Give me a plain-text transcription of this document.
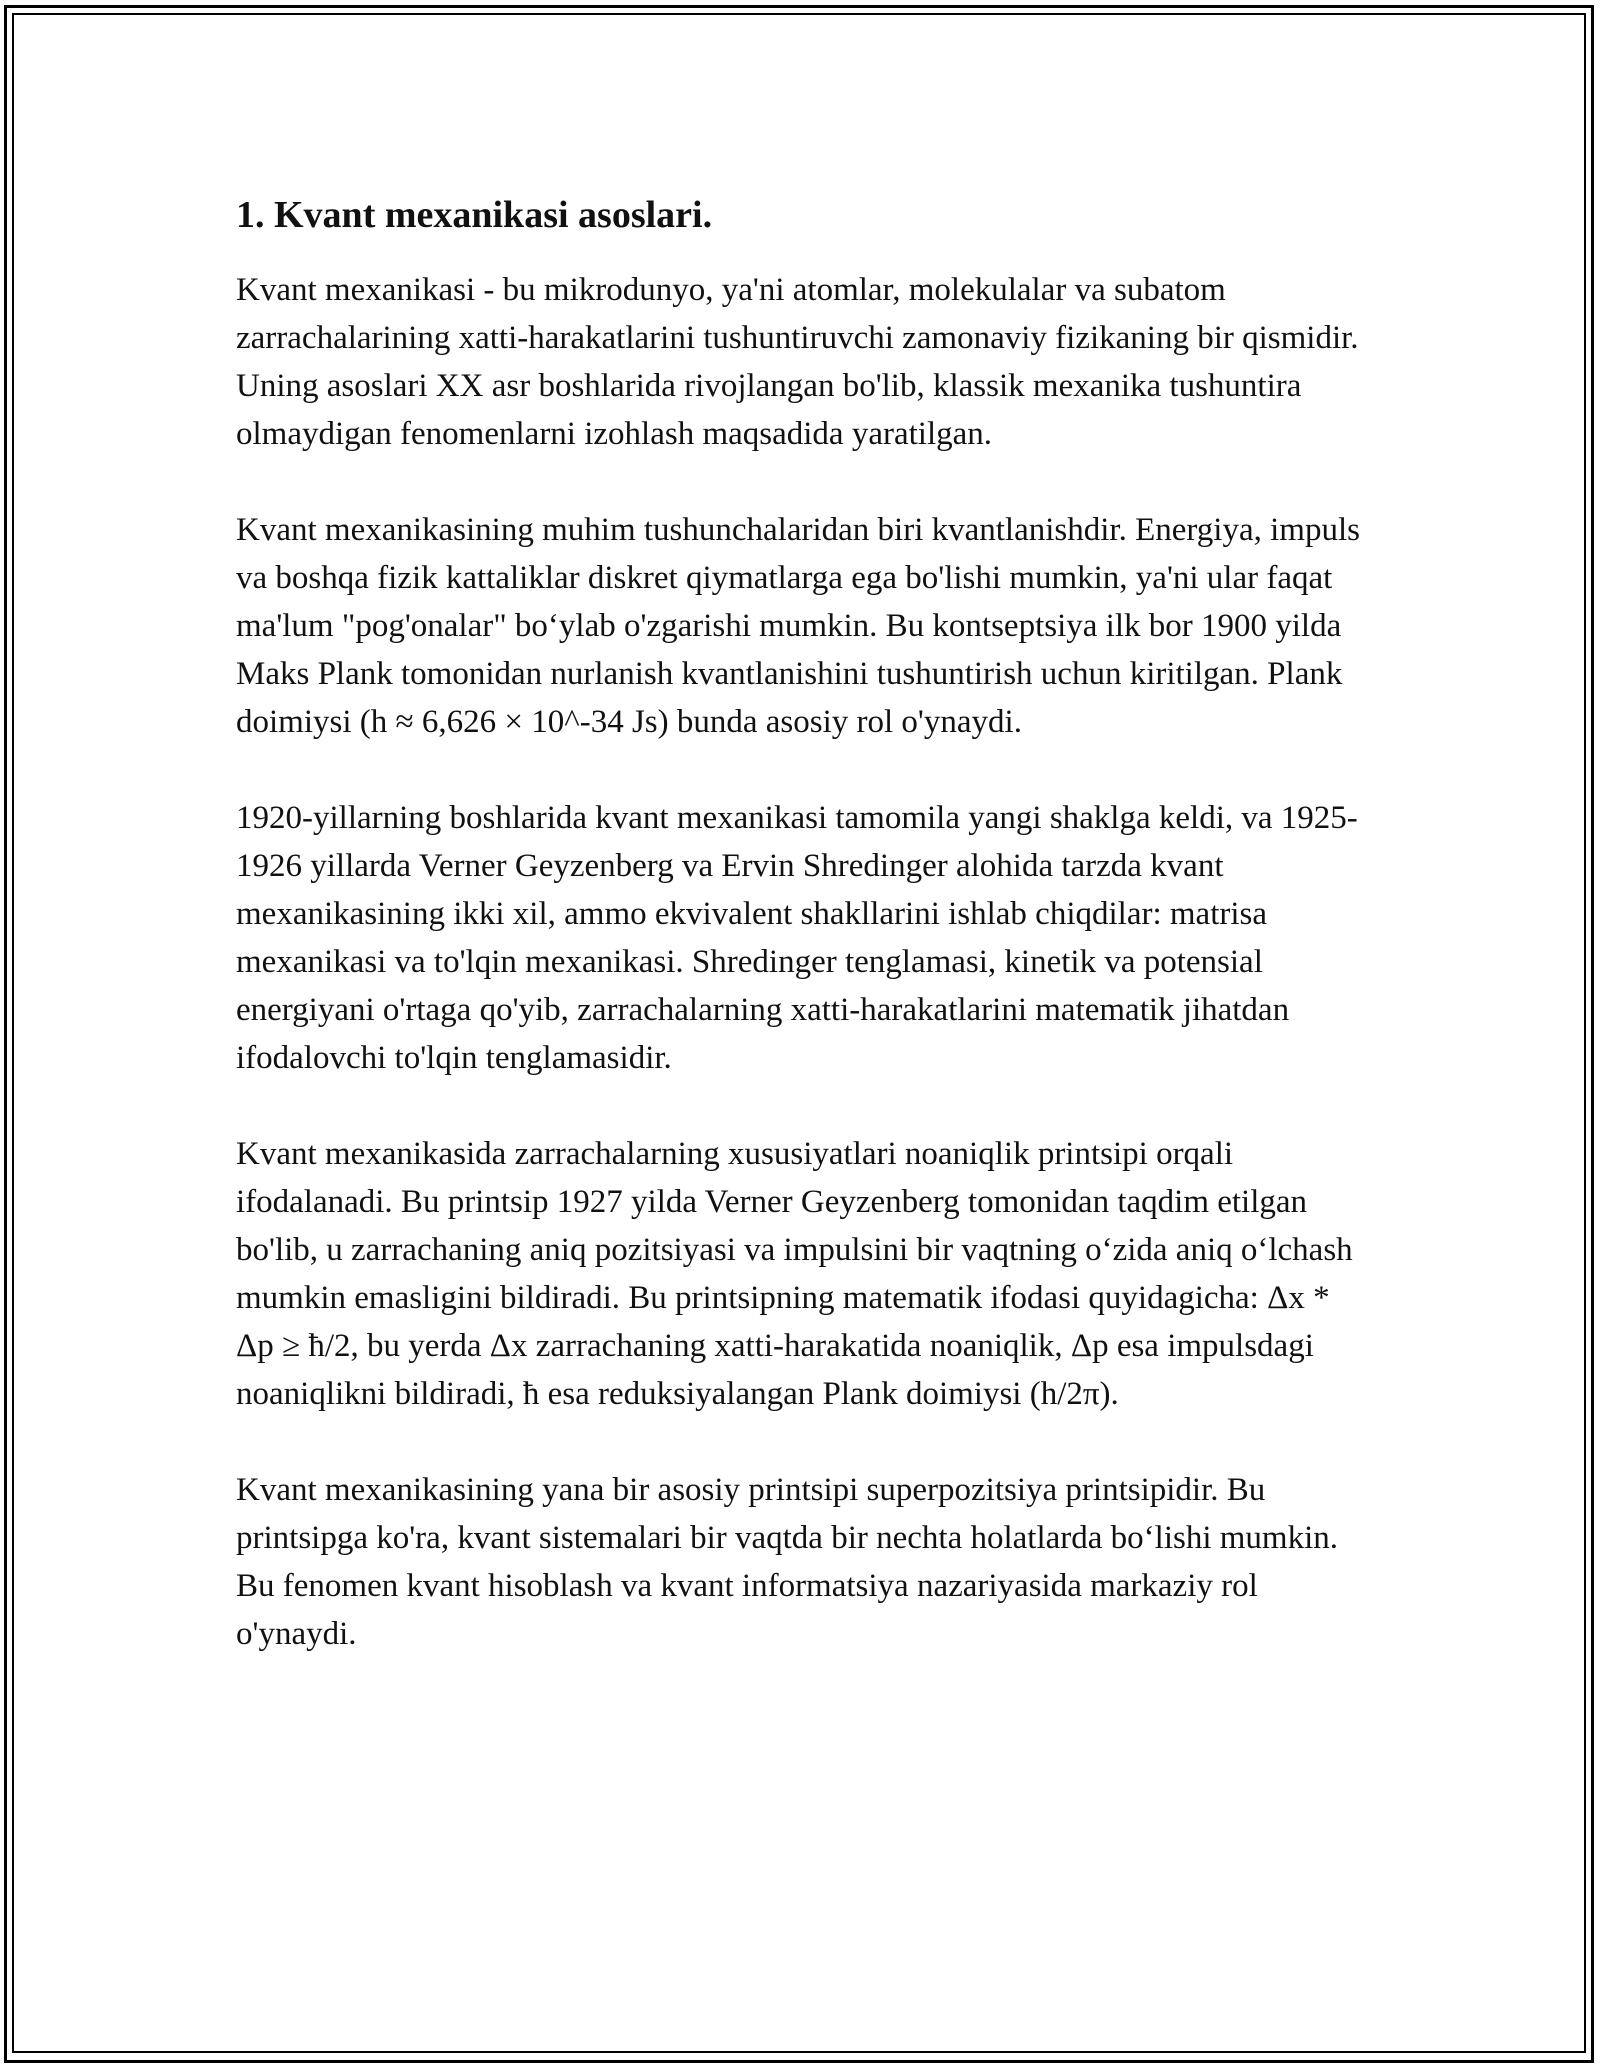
1. Kvant mexanikasi asoslari.

Kvant mexanikasi - bu mikrodunyo, ya'ni atomlar, molekulalar va subatom zarrachalarining xatti-harakatlarini tushuntiruvchi zamonaviy fizikaning bir qismidir. Uning asoslari XX asr boshlarida rivojlangan bo'lib, klassik mexanika tushuntira olmaydigan fenomenlarni izohlash maqsadida yaratilgan.

Kvant mexanikasining muhim tushunchalaridan biri kvantlanishdir. Energiya, impuls va boshqa fizik kattaliklar diskret qiymatlarga ega bo'lishi mumkin, ya'ni ular faqat ma'lum "pog'onalar" boʻylab o'zgarishi mumkin. Bu kontseptsiya ilk bor 1900 yilda Maks Plank tomonidan nurlanish kvantlanishini tushuntirish uchun kiritilgan. Plank doimiysi (h ≈ 6,626 × 10^-34 Js) bunda asosiy rol o'ynaydi.

1920-yillarning boshlarida kvant mexanikasi tamomila yangi shaklga keldi, va 1925-1926 yillarda Verner Geyzenberg va Ervin Shredinger alohida tarzda kvant mexanikasining ikki xil, ammo ekvivalent shakllarini ishlab chiqdilar: matrisa mexanikasi va to'lqin mexanikasi. Shredinger tenglamasi, kinetik va potensial energiyani o'rtaga qo'yib, zarrachalarning xatti-harakatlarini matematik jihatdan ifodalovchi to'lqin tenglamasidir.

Kvant mexanikasida zarrachalarning xususiyatlari noaniqlik printsipi orqali ifodalanadi. Bu printsip 1927 yilda Verner Geyzenberg tomonidan taqdim etilgan bo'lib, u zarrachaning aniq pozitsiyasi va impulsini bir vaqtning oʻzida aniq oʻlchash mumkin emasligini bildiradi. Bu printsipning matematik ifodasi quyidagicha: Δx * Δp ≥ ħ/2, bu yerda Δx zarrachaning xatti-harakatida noaniqlik, Δp esa impulsdagi noaniqlikni bildiradi, ħ esa reduksiyalangan Plank doimiysi (h/2π).

Kvant mexanikasining yana bir asosiy printsipi superpozitsiya printsipidir. Bu printsipga ko'ra, kvant sistemalari bir vaqtda bir nechta holatlarda boʻlishi mumkin. Bu fenomen kvant hisoblash va kvant informatsiya nazariyasida markaziy rol o'ynaydi.
